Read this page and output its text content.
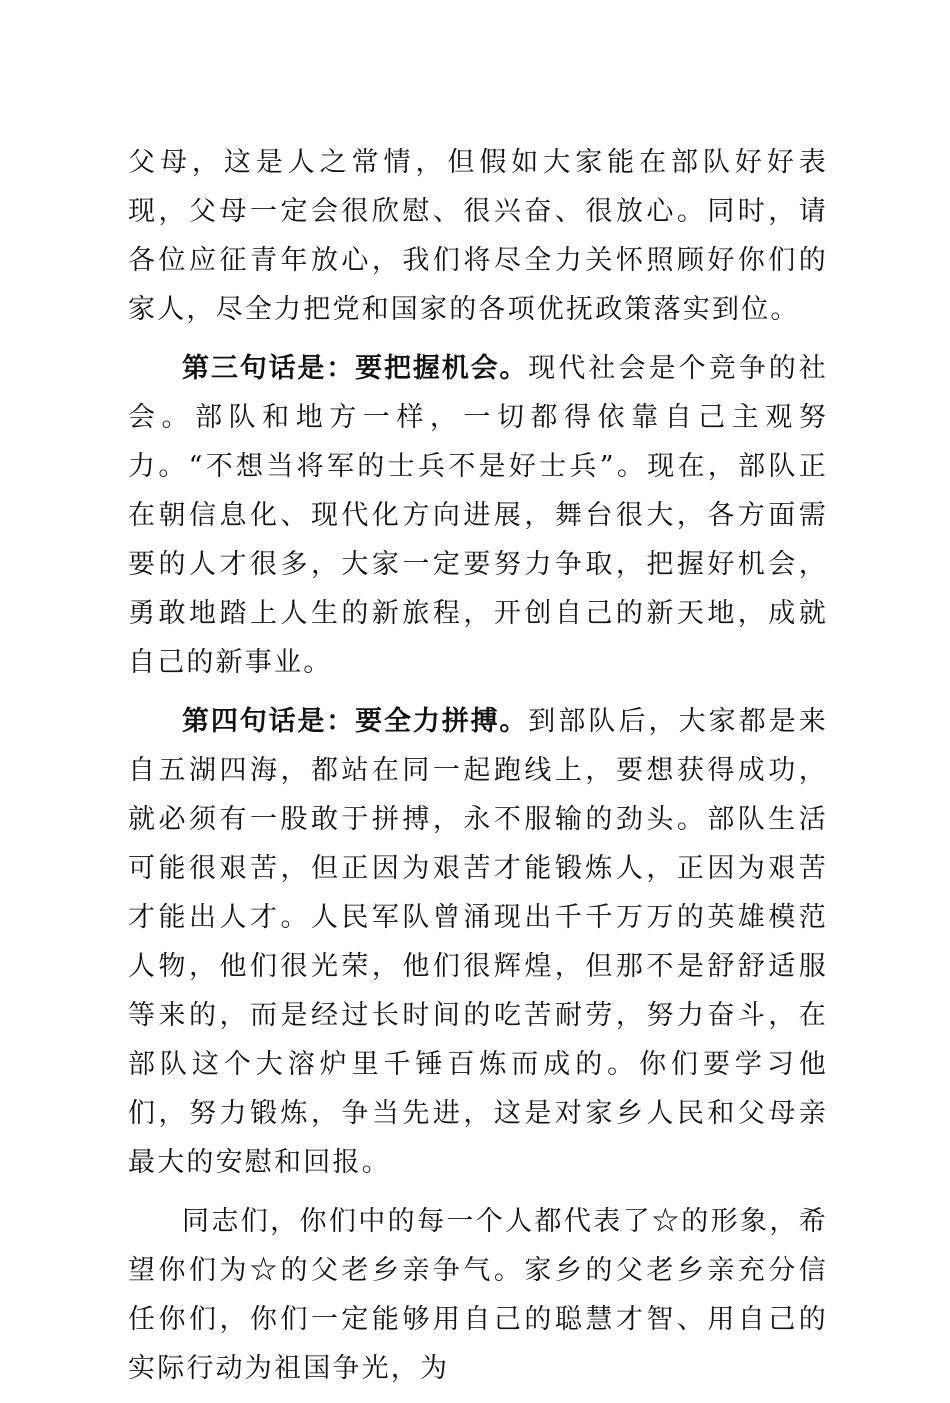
父母，这是人之常情，但假如大家能在部队好好表现，父母一定会很欣慰、很兴奋、很放心。同时，请各位应征青年放心，我们将尽全力关怀照顾好你们的家人，尽全力把党和国家的各项优抚政策落实到位。

第三句话是：要把握机会。现代社会是个竞争的社会。部队和地方一样，一切都得依靠自己主观努力。“不想当将军的士兵不是好士兵”。现在，部队正在朝信息化、现代化方向进展，舞台很大，各方面需要的人才很多，大家一定要努力争取，把握好机会，勇敢地踏上人生的新旅程，开创自己的新天地，成就自己的新事业。

第四句话是：要全力拼搏。到部队后，大家都是来自五湖四海，都站在同一起跑线上，要想获得成功，就必须有一股敢于拼搏，永不服输的劲头。部队生活可能很艰苦，但正因为艰苦才能锻炼人，正因为艰苦才能出人才。人民军队曾涌现出千千万万的英雄模范人物，他们很光荣，他们很辉煌，但那不是舒舒适服等来的，而是经过长时间的吃苦耐劳，努力奋斗，在部队这个大溶炉里千锤百炼而成的。你们要学习他们，努力锻炼，争当先进，这是对家乡人民和父母亲最大的安慰和回报。

同志们，你们中的每一个人都代表了☆的形象，希望你们为☆的父老乡亲争气。家乡的父老乡亲充分信任你们，你们一定能够用自己的聪慧才智、用自己的实际行动为祖国争光，为
